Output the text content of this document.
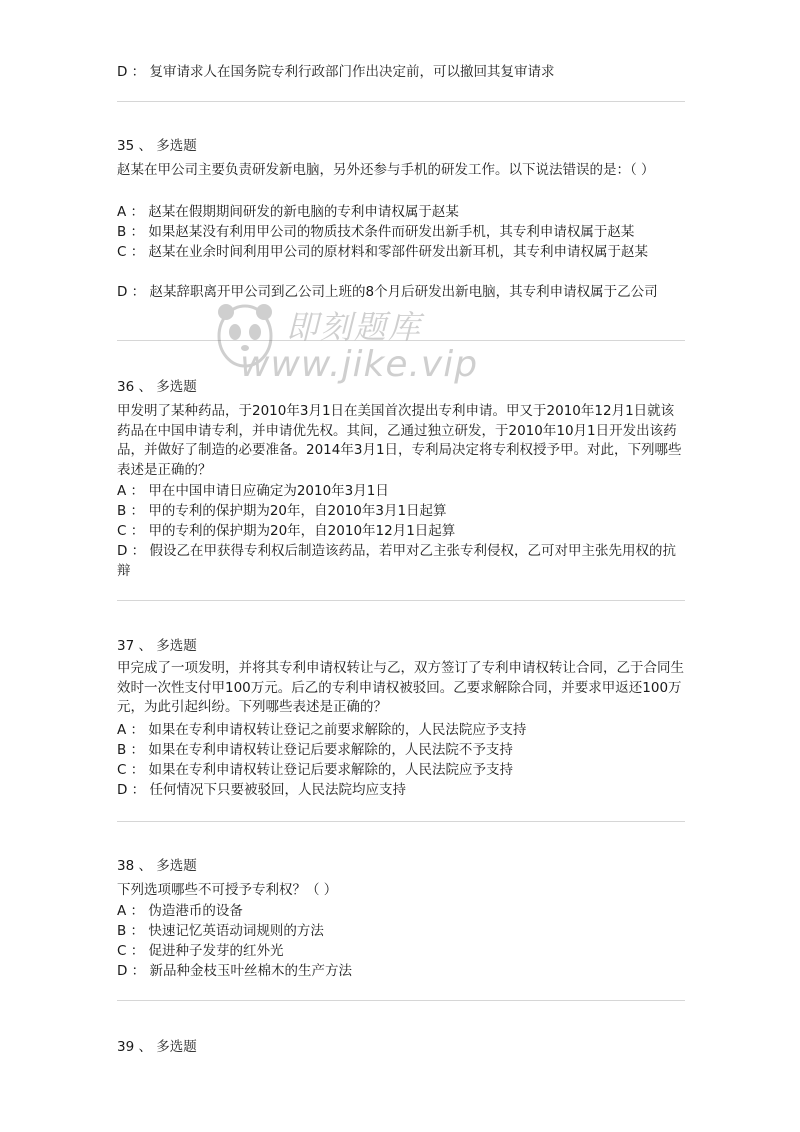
D ： 复审请求人在国务院专利行政部门作出决定前，可以撤回其复审请求

35 、 多选题

赵某在甲公司主要负责研发新电脑，另外还参与手机的研发工作。以下说法错误的是：（ ）

A ： 赵某在假期期间研发的新电脑的专利申请权属于赵某

B ： 如果赵某没有利用甲公司的物质技术条件而研发出新手机，其专利申请权属于赵某

C ： 赵某在业余时间利用甲公司的原材料和零部件研发出新耳机，其专利申请权属于赵某

D ： 赵某辞职离开甲公司到乙公司上班的8个月后研发出新电脑，其专利申请权属于乙公司

36 、 多选题

甲发明了某种药品，于2010年3月1日在美国首次提出专利申请。甲又于2010年12月1日就该药品在中国申请专利，并申请优先权。其间，乙通过独立研发，于2010年10月1日开发出该药品，并做好了制造的必要准备。2014年3月1日，专利局决定将专利权授予甲。对此，下列哪些表述是正确的？

A ： 甲在中国申请日应确定为2010年3月1日

B ： 甲的专利的保护期为20年，自2010年3月1日起算

C ： 甲的专利的保护期为20年，自2010年12月1日起算

D ： 假设乙在甲获得专利权后制造该药品，若甲对乙主张专利侵权，乙可对甲主张先用权的抗辩

37 、 多选题

甲完成了一项发明，并将其专利申请权转让与乙，双方签订了专利申请权转让合同，乙于合同生效时一次性支付甲100万元。后乙的专利申请权被驳回。乙要求解除合同，并要求甲返还100万元，为此引起纠纷。下列哪些表述是正确的？

A ： 如果在专利申请权转让登记之前要求解除的，人民法院应予支持

B ： 如果在专利申请权转让登记后要求解除的，人民法院不予支持

C ： 如果在专利申请权转让登记后要求解除的，人民法院应予支持

D ： 任何情况下只要被驳回，人民法院均应支持

38 、 多选题

下列选项哪些不可授予专利权？（ ）

A ： 伪造港币的设备

B ： 快速记忆英语动词规则的方法

C ： 促进种子发芽的红外光

D ： 新品种金枝玉叶丝棉木的生产方法

39 、 多选题

即刻题库
www.jike.vip
